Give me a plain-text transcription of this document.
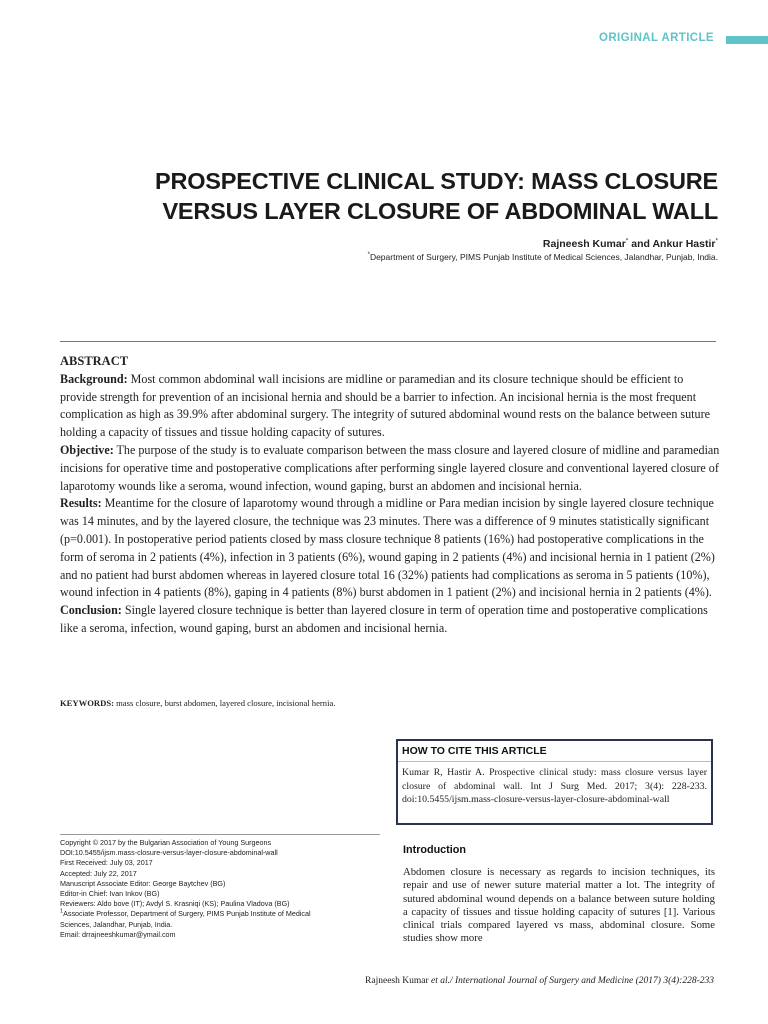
ORIGINAL ARTICLE
PROSPECTIVE CLINICAL STUDY: MASS CLOSURE
VERSUS LAYER CLOSURE OF ABDOMINAL WALL
Rajneesh Kumar* and Ankur Hastir*
*Department of Surgery, PIMS Punjab Institute of Medical Sciences, Jalandhar, Punjab, India.
ABSTRACT
Background: Most common abdominal wall incisions are midline or paramedian and its closure technique should be efficient to provide strength for prevention of an incisional hernia and should be a barrier to infection. An incisional hernia is the most frequent complication as high as 39.9% after abdominal surgery. The integrity of sutured abdominal wound rests on the balance between suture holding a capacity of tissues and tissue holding capacity of sutures.
Objective: The purpose of the study is to evaluate comparison between the mass closure and layered closure of midline and paramedian incisions for operative time and postoperative complications after performing single layered closure and conventional layered closure of laparotomy wounds like a seroma, wound infection, wound gaping, burst an abdomen and incisional hernia.
Results: Meantime for the closure of laparotomy wound through a midline or Para median incision by single layered closure technique was 14 minutes, and by the layered closure, the technique was 23 minutes. There was a difference of 9 minutes statistically significant (p=0.001). In postoperative period patients closed by mass closure technique 8 patients (16%) had postoperative complications in the form of seroma in 2 patients (4%), infection in 3 patients (6%), wound gaping in 2 patients (4%) and incisional hernia in 1 patient (2%) and no patient had burst abdomen whereas in layered closure total 16 (32%) patients had complications as seroma in 5 patients (10%), wound infection in 4 patients (8%), gaping in 4 patients (8%) burst abdomen in 1 patient (2%) and incisional hernia in 2 patients (4%).
Conclusion: Single layered closure technique is better than layered closure in term of operation time and postoperative complications like a seroma, infection, wound gaping, burst an abdomen and incisional hernia.
KEYWORDS: mass closure, burst abdomen, layered closure, incisional hernia.
HOW TO CITE THIS ARTICLE
Kumar R, Hastir A. Prospective clinical study: mass closure versus layer closure of abdominal wall. Int J Surg Med. 2017; 3(4): 228-233. doi:10.5455/ijsm.mass-closure-versus-layer-closure-abdominal-wall
Copyright © 2017 by the Bulgarian Association of Young Surgeons
DOI:10.5455/ijsm.mass-closure-versus-layer-closure-abdominal-wall
First Received: July 03, 2017
Accepted: July 22, 2017
Manuscript Associate Editor: George Baytchev (BG)
Editor-in Chief: Ivan Inkov (BG)
Reviewers: Aldo bove (IT); Avdyl S. Krasniqi (KS); Paulina Vladova (BG)
$^1$Associate Professor, Department of Surgery, PIMS Punjab Institute of Medical
Sciences, Jalandhar, Punjab, India.
Email: drrajneeshkumar@ymail.com
Introduction
Abdomen closure is necessary as regards to incision techniques, its repair and use of newer suture material matter a lot. The integrity of sutured abdominal wound depends on a balance between suture holding a capacity of tissues and tissue holding capacity of sutures [1]. Various clinical trials compared layered vs mass, abdominal closure. Some studies show more
Rajneesh Kumar et al./ International Journal of Surgery and Medicine (2017) 3(4):228-233
